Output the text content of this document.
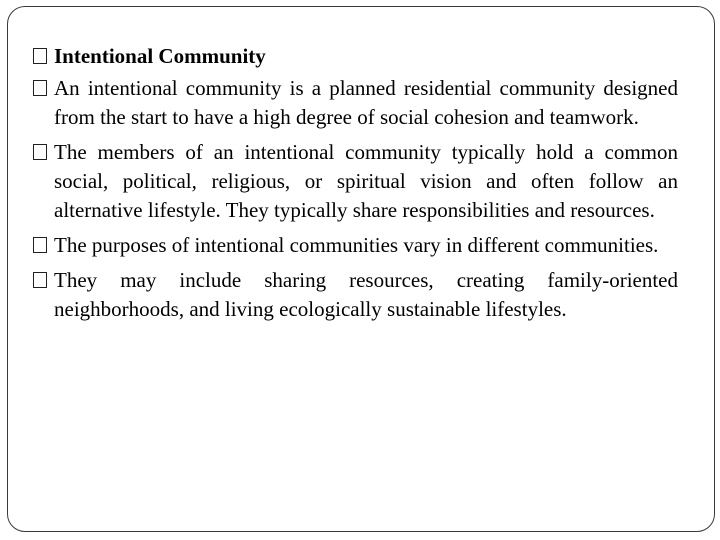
Intentional Community
An intentional community is a planned residential community designed from the start to have a high degree of social cohesion and teamwork.
The members of an intentional community typically hold a common social, political, religious, or spiritual vision and often follow an alternative lifestyle. They typically share responsibilities and resources.
The purposes of intentional communities vary in different communities.
They may include sharing resources, creating family-oriented neighborhoods, and living ecologically sustainable lifestyles.
